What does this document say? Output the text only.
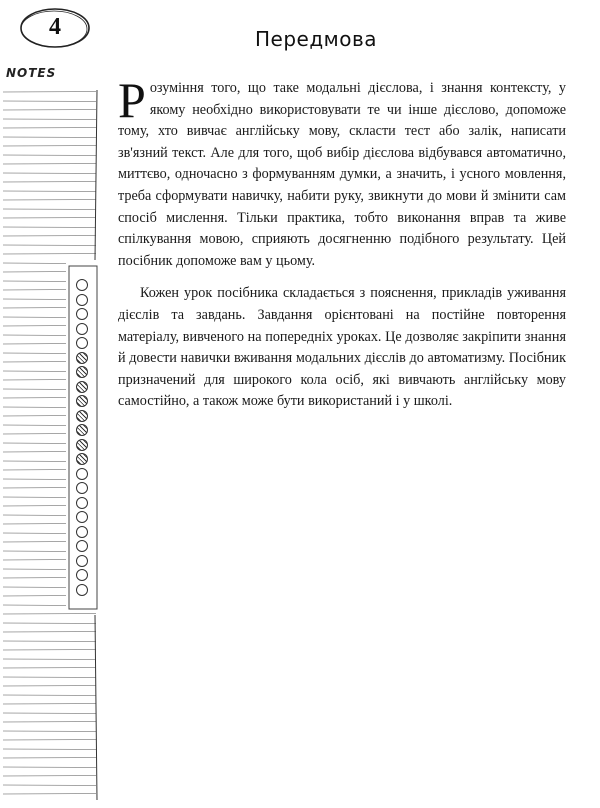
4
NOTES
Передмова

Розуміння того, що таке модальні дієслова, і знання контексту, у якому необхідно використовувати те чи інше дієслово, допоможе тому, хто вивчає англійську мову, скласти тест або залік, написати зв'язний текст. Але для того, щоб вибір дієслова відбувався автоматично, миттєво, одночасно з формуванням думки, а значить, і усного мовлення, треба сформувати навичку, набити руку, звикнути до мови й змінити сам спосіб мислення. Тільки практика, тобто виконання вправ та живе спілкування мовою, сприяють досягненню подібного результату. Цей посібник допоможе вам у цьому.

Кожен урок посібника складається з пояснення, прикладів уживання дієслів та завдань. Завдання орієнтовані на постійне повторення матеріалу, вивченого на попередніх уроках. Це дозволяє закріпити знання й довести навички вживання модальних дієслів до автоматизму. Посібник призначений для широкого кола осіб, які вивчають англійську мову самостійно, а також може бути використаний і у школі.
